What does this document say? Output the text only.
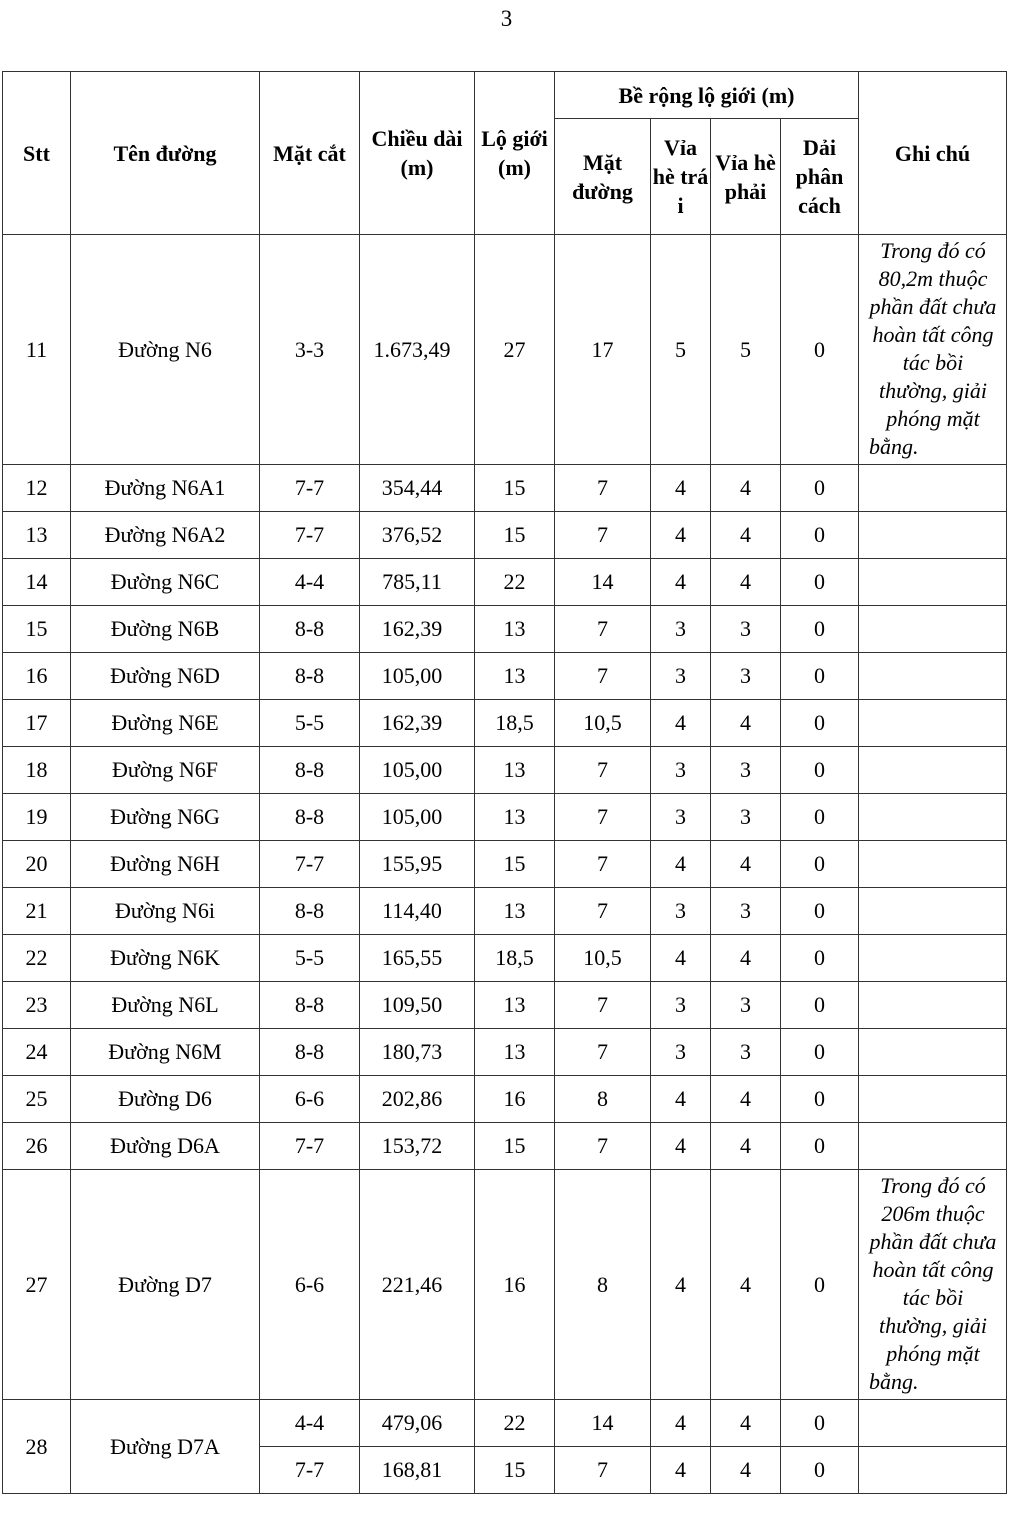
3
Stt	Tên đường	Mặt cắt	Chiều dài (m)	Lộ giới (m)	Bề rộng lộ giới (m)				Ghi chú
					Mặt đường	Vỉa hè trá i	Vỉa hè phải	Dải phân cách	
11	Đường N6	3-3	1.673,49	27	17	5	5	0	Trong đó có 80,2m thuộc phần đất chưa hoàn tất công tác bồi thường, giải phóng mặt bằng.
12	Đường N6A1	7-7	354,44	15	7	4	4	0	
13	Đường N6A2	7-7	376,52	15	7	4	4	0	
14	Đường N6C	4-4	785,11	22	14	4	4	0	
15	Đường N6B	8-8	162,39	13	7	3	3	0	
16	Đường N6D	8-8	105,00	13	7	3	3	0	
17	Đường N6E	5-5	162,39	18,5	10,5	4	4	0	
18	Đường N6F	8-8	105,00	13	7	3	3	0	
19	Đường N6G	8-8	105,00	13	7	3	3	0	
20	Đường N6H	7-7	155,95	15	7	4	4	0	
21	Đường N6i	8-8	114,40	13	7	3	3	0	
22	Đường N6K	5-5	165,55	18,5	10,5	4	4	0	
23	Đường N6L	8-8	109,50	13	7	3	3	0	
24	Đường N6M	8-8	180,73	13	7	3	3	0	
25	Đường D6	6-6	202,86	16	8	4	4	0	
26	Đường D6A	7-7	153,72	15	7	4	4	0	
27	Đường D7	6-6	221,46	16	8	4	4	0	Trong đó có 206m thuộc phần đất chưa hoàn tất công tác bồi thường, giải phóng mặt bằng.
28	Đường D7A	4-4	479,06	22	14	4	4	0	
		7-7	168,81	15	7	4	4	0	
